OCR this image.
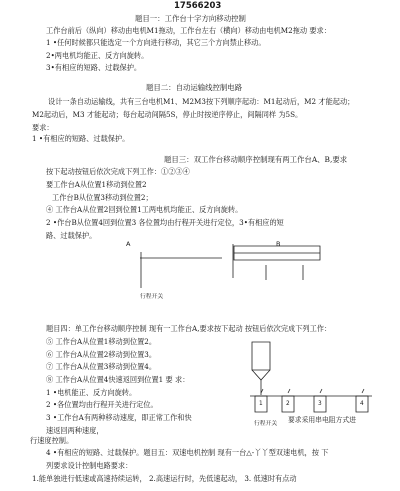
17566203
题目一：工作台十字方向移动控制
工作台前后（纵向）移动由电机M1拖动，工作台左右（横向）移动由电机M2拖动 要求：
1 •任何时候都只能选定一个方向进行移动，其它三个方向禁止移动。
2•两电机均能正、反方向旋转。
3•有相应的短路、过载保护。
题目二：自动运输线控制电路
设计一条自动运输线，共有三台电机M1、M2M3按下列顺序起动：M1起动后，M2 才能起动；
M2起动后，M3 才能起动；每台起动间隔5S，停止时按逆序停止，间隔同样 为5S。
要求：
1 •有相应的短路、过载保护。
题目三：双工作台移动顺序控制现有两工作台A、B,要求
按下起动按钮后依次完成下列工作：①②③④
要工作台A从位置1移动到位置2
工作台B从位置3移动到位置2；
④ 工作台A从位置2回到位置1工两电机均能正、反方向旋转。
2 •作台B从位置4回到位置3 各位置均由行程开关进行定位，3•有相应的短
路、过载保护。
A	B
行程开关
题目四：单工作台移动顺序控制 现有一工作台A,要求按下起动 按钮后依次完成下列工作：
⑤ 工作台A从位置1移动到位置2。
⑥ 工作台A从位置2移动到位置3。
⑦ 工作台A从位置3移动到位置4。
⑧ 工作台A从位置4快速返回到位置1 要 求：
1 •电机能正、反方向旋转。
2 •各位置均由行程开关进行定位。
3 •工作台A有两种移动速度，即正常工作和快
速返回两种速度，
行速度控制。
1	2	3	4
行程开关 要求采用串电阻方式进
4 •有相应的短路、过载保护。题目五：双速电机控制 现有一台△-丫丫型双速电机，按 下
列要求设计控制电路要求：
1.能单独进行低速或高速持续运转， 2.高速运行时，先低速起动， 3. 低速时有点动
